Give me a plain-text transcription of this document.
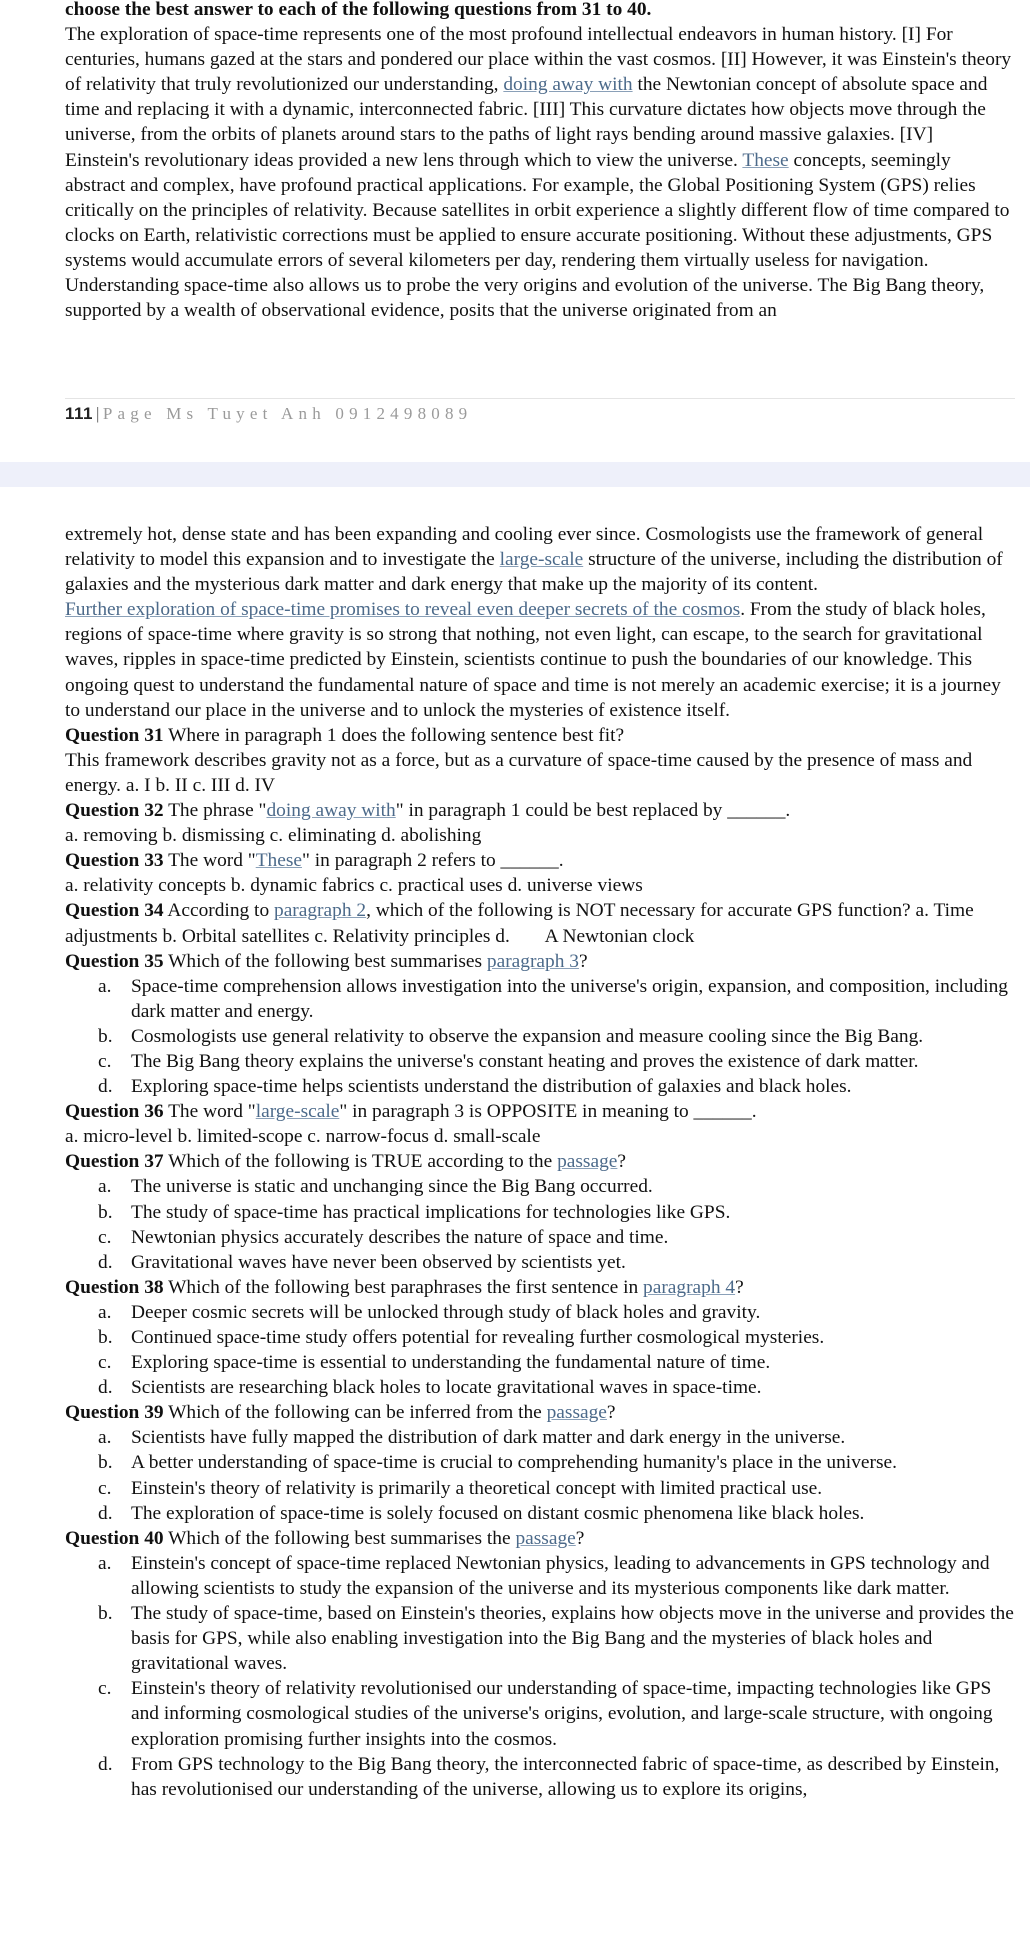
choose the best answer to each of the following questions from 31 to 40.

The exploration of space-time represents one of the most profound intellectual endeavors in human history. [I] For centuries, humans gazed at the stars and pondered our place within the vast cosmos. [II] However, it was Einstein's theory of relativity that truly revolutionized our understanding, doing away with the Newtonian concept of absolute space and time and replacing it with a dynamic, interconnected fabric. [III] This curvature dictates how objects move through the universe, from the orbits of planets around stars to the paths of light rays bending around massive galaxies. [IV]

Einstein's revolutionary ideas provided a new lens through which to view the universe. These concepts, seemingly abstract and complex, have profound practical applications. For example, the Global Positioning System (GPS) relies critically on the principles of relativity. Because satellites in orbit experience a slightly different flow of time compared to clocks on Earth, relativistic corrections must be applied to ensure accurate positioning. Without these adjustments, GPS systems would accumulate errors of several kilometers per day, rendering them virtually useless for navigation.

Understanding space-time also allows us to probe the very origins and evolution of the universe. The Big Bang theory, supported by a wealth of observational evidence, posits that the universe originated from an

111 | Page Ms Tuyet Anh 0912498089

extremely hot, dense state and has been expanding and cooling ever since. Cosmologists use the framework of general relativity to model this expansion and to investigate the large-scale structure of the universe, including the distribution of galaxies and the mysterious dark matter and dark energy that make up the majority of its content.

Further exploration of space-time promises to reveal even deeper secrets of the cosmos. From the study of black holes, regions of space-time where gravity is so strong that nothing, not even light, can escape, to the search for gravitational waves, ripples in space-time predicted by Einstein, scientists continue to push the boundaries of our knowledge. This ongoing quest to understand the fundamental nature of space and time is not merely an academic exercise; it is a journey to understand our place in the universe and to unlock the mysteries of existence itself.

Question 31 Where in paragraph 1 does the following sentence best fit?

This framework describes gravity not as a force, but as a curvature of space-time caused by the presence of mass and energy. a. I b. II c. III d. IV

Question 32 The phrase "doing away with" in paragraph 1 could be best replaced by ______.

a. removing b. dismissing c. eliminating d. abolishing

Question 33 The word "These" in paragraph 2 refers to ______.

a. relativity concepts b. dynamic fabrics c. practical uses d. universe views

Question 34 According to paragraph 2, which of the following is NOT necessary for accurate GPS function? a. Time adjustments b. Orbital satellites c. Relativity principles d. A Newtonian clock

Question 35 Which of the following best summarises paragraph 3?

a. Space-time comprehension allows investigation into the universe's origin, expansion, and composition, including dark matter and energy.
b. Cosmologists use general relativity to observe the expansion and measure cooling since the Big Bang.
c. The Big Bang theory explains the universe's constant heating and proves the existence of dark matter.
d. Exploring space-time helps scientists understand the distribution of galaxies and black holes.

Question 36 The word "large-scale" in paragraph 3 is OPPOSITE in meaning to ______.

a. micro-level b. limited-scope c. narrow-focus d. small-scale

Question 37 Which of the following is TRUE according to the passage?

a. The universe is static and unchanging since the Big Bang occurred.
b. The study of space-time has practical implications for technologies like GPS.
c. Newtonian physics accurately describes the nature of space and time.
d. Gravitational waves have never been observed by scientists yet.

Question 38 Which of the following best paraphrases the first sentence in paragraph 4?

a. Deeper cosmic secrets will be unlocked through study of black holes and gravity.
b. Continued space-time study offers potential for revealing further cosmological mysteries.
c. Exploring space-time is essential to understanding the fundamental nature of time.
d. Scientists are researching black holes to locate gravitational waves in space-time.

Question 39 Which of the following can be inferred from the passage?

a. Scientists have fully mapped the distribution of dark matter and dark energy in the universe.
b. A better understanding of space-time is crucial to comprehending humanity's place in the universe.
c. Einstein's theory of relativity is primarily a theoretical concept with limited practical use.
d. The exploration of space-time is solely focused on distant cosmic phenomena like black holes.

Question 40 Which of the following best summarises the passage?

a. Einstein's concept of space-time replaced Newtonian physics, leading to advancements in GPS technology and allowing scientists to study the expansion of the universe and its mysterious components like dark matter.
b. The study of space-time, based on Einstein's theories, explains how objects move in the universe and provides the basis for GPS, while also enabling investigation into the Big Bang and the mysteries of black holes and gravitational waves.
c. Einstein's theory of relativity revolutionised our understanding of space-time, impacting technologies like GPS and informing cosmological studies of the universe's origins, evolution, and large-scale structure, with ongoing exploration promising further insights into the cosmos.
d. From GPS technology to the Big Bang theory, the interconnected fabric of space-time, as described by Einstein, has revolutionised our understanding of the universe, allowing us to explore its origins,
